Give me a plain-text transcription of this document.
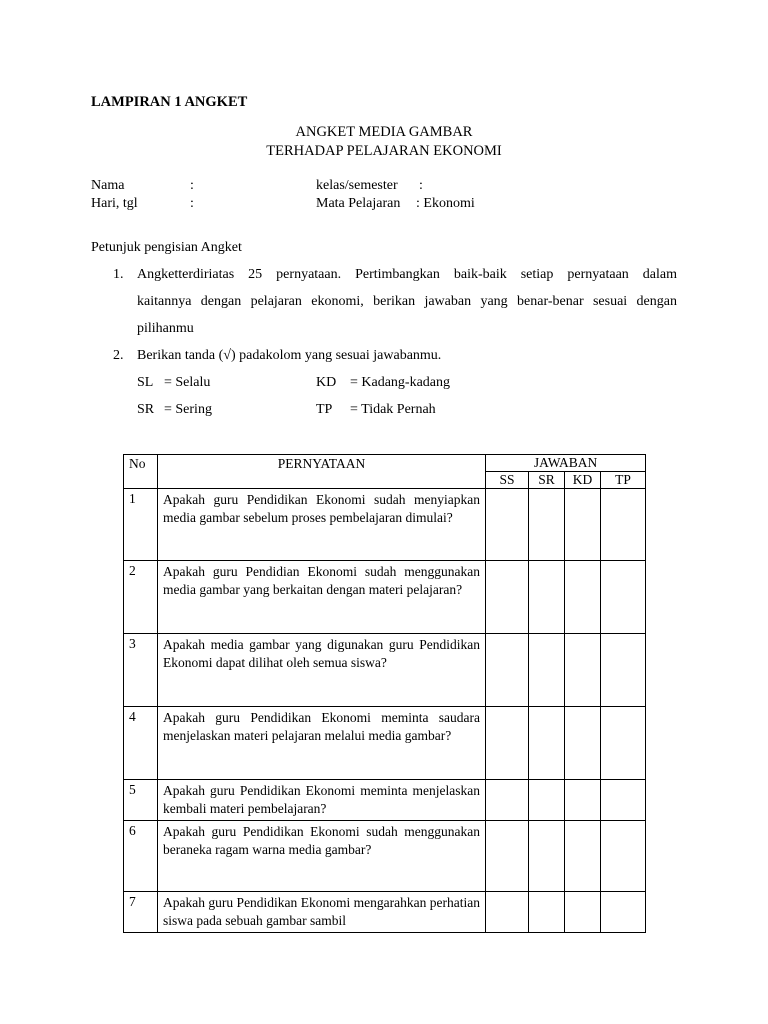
LAMPIRAN 1 ANGKET
ANGKET MEDIA GAMBAR
TERHADAP PELAJARAN EKONOMI
Nama	:	kelas/semester :
Hari, tgl	:	Mata Pelajaran : Ekonomi
Petunjuk pengisian Angket
1. Angketterdiriatas 25 pernyataan. Pertimbangkan baik-baik setiap pernyataan dalam
kaitannya dengan pelajaran ekonomi, berikan jawaban yang benar-benar sesuai dengan
pilihanmu
2. Berikan tanda (√) padakolom yang sesuai jawabanmu.
SL = Selalu	KD = Kadang-kadang
SR = Sering	TP = Tidak Pernah
No	PERNYATAAN	JAWABAN			
		SS	SR	KD	TP
1	Apakah guru Pendidikan Ekonomi sudah menyiapkan media gambar sebelum proses pembelajaran dimulai?				

2	Apakah guru Pendidian Ekonomi sudah menggunakan media gambar yang berkaitan dengan materi pelajaran?				

3	Apakah media gambar yang digunakan guru Pendidikan Ekonomi dapat dilihat oleh semua siswa?				

4	Apakah guru Pendidikan Ekonomi meminta saudara menjelaskan materi pelajaran melalui media gambar?				

5	Apakah guru Pendidikan Ekonomi meminta menjelaskan kembali materi pembelajaran?				

6	Apakah guru Pendidikan Ekonomi sudah menggunakan beraneka ragam warna media gambar?				

7	Apakah guru Pendidikan Ekonomi mengarahkan perhatian siswa pada sebuah gambar sambil				
